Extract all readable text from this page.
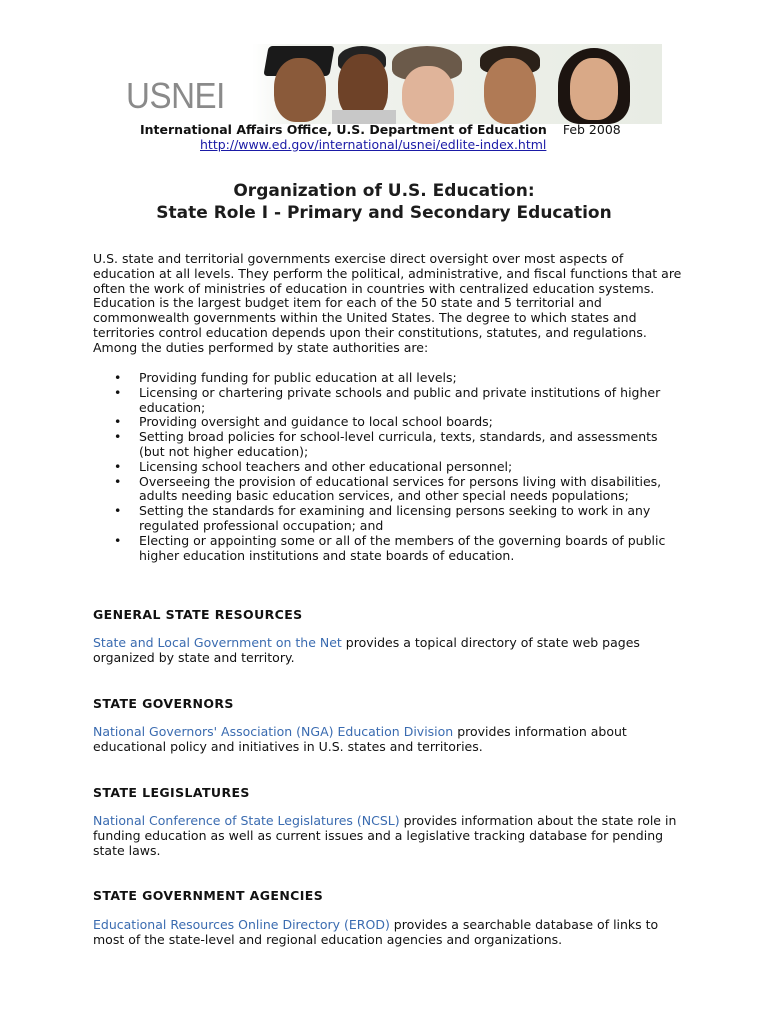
USNEI
International Affairs Office, U.S. Department of Education Feb 2008
http://www.ed.gov/international/usnei/edlite-index.html
Organization of U.S. Education:
State Role I - Primary and Secondary Education

U.S. state and territorial governments exercise direct oversight over most aspects of education at all levels. They perform the political, administrative, and fiscal functions that are often the work of ministries of education in countries with centralized education systems. Education is the largest budget item for each of the 50 state and 5 territorial and commonwealth governments within the United States. The degree to which states and territories control education depends upon their constitutions, statutes, and regulations. Among the duties performed by state authorities are:

• Providing funding for public education at all levels;
• Licensing or chartering private schools and public and private institutions of higher education;
• Providing oversight and guidance to local school boards;
• Setting broad policies for school-level curricula, texts, standards, and assessments (but not higher education);
• Licensing school teachers and other educational personnel;
• Overseeing the provision of educational services for persons living with disabilities, adults needing basic education services, and other special needs populations;
• Setting the standards for examining and licensing persons seeking to work in any regulated professional occupation; and
• Electing or appointing some or all of the members of the governing boards of public higher education institutions and state boards of education.
GENERAL STATE RESOURCES

State and Local Government on the Net provides a topical directory of state web pages organized by state and territory.

STATE GOVERNORS

National Governors' Association (NGA) Education Division provides information about educational policy and initiatives in U.S. states and territories.

STATE LEGISLATURES

National Conference of State Legislatures (NCSL) provides information about the state role in funding education as well as current issues and a legislative tracking database for pending state laws.

STATE GOVERNMENT AGENCIES

Educational Resources Online Directory (EROD) provides a searchable database of links to most of the state-level and regional education agencies and organizations.
